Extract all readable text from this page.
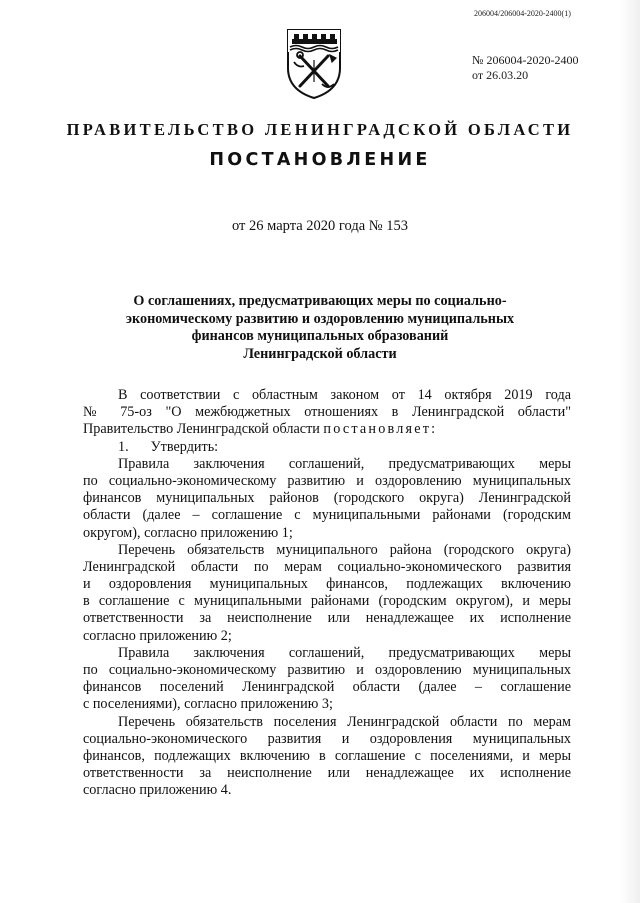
206004/206004-2020-2400(1)
№ 206004-2020-2400
от 26.03.20
ПРАВИТЕЛЬСТВО ЛЕНИНГРАДСКОЙ ОБЛАСТИ
ПОСТАНОВЛЕНИЕ
от 26 марта 2020 года № 153
О соглашениях, предусматривающих меры по социально-
экономическому развитию и оздоровлению муниципальных
финансов муниципальных образований
Ленинградской области
В соответствии с областным законом от 14 октября 2019 года
№ 75-оз "О межбюджетных отношениях в Ленинградской области"
Правительство Ленинградской области постановляет:
1. Утвердить:
Правила заключения соглашений, предусматривающих меры
по социально-экономическому развитию и оздоровлению муниципальных
финансов муниципальных районов (городского округа) Ленинградской
области (далее – соглашение с муниципальными районами (городским
округом), согласно приложению 1;
Перечень обязательств муниципального района (городского округа)
Ленинградской области по мерам социально-экономического развития
и оздоровления муниципальных финансов, подлежащих включению
в соглашение с муниципальными районами (городским округом), и меры
ответственности за неисполнение или ненадлежащее их исполнение
согласно приложению 2;
Правила заключения соглашений, предусматривающих меры
по социально-экономическому развитию и оздоровлению муниципальных
финансов поселений Ленинградской области (далее – соглашение
с поселениями), согласно приложению 3;
Перечень обязательств поселения Ленинградской области по мерам
социально-экономического развития и оздоровления муниципальных
финансов, подлежащих включению в соглашение с поселениями, и меры
ответственности за неисполнение или ненадлежащее их исполнение
согласно приложению 4.
